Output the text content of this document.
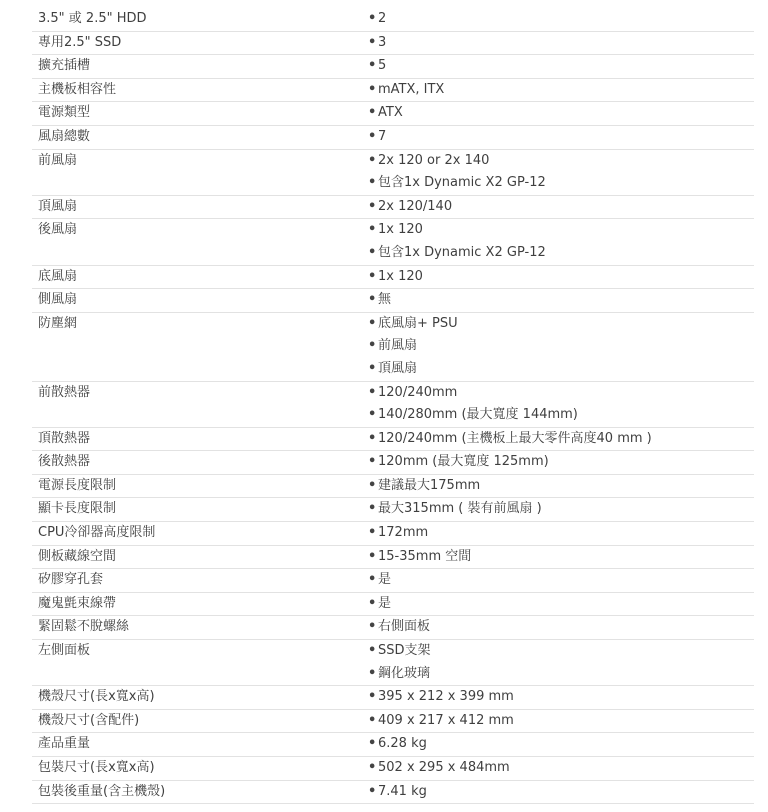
3.5" 或 2.5" HDD	• 2
專用2.5" SSD	• 3
擴充插槽	• 5
主機板相容性	• mATX, ITX
電源類型	• ATX
風扇總數	• 7
前風扇	• 2x 120 or 2x 140
• 包含1x Dynamic X2 GP-12
頂風扇	• 2x 120/140
後風扇	• 1x 120
• 包含1x Dynamic X2 GP-12
底風扇	• 1x 120
側風扇	• 無
防塵網	• 底風扇+ PSU
• 前風扇
• 頂風扇
前散熱器	• 120/240mm
• 140/280mm (最大寬度 144mm)
頂散熱器	• 120/240mm (主機板上最大零件高度40 mm )
後散熱器	• 120mm (最大寬度 125mm)
電源長度限制	• 建議最大175mm
顯卡長度限制	• 最大315mm ( 裝有前風扇 )
CPU冷卻器高度限制	• 172mm
側板藏線空間	• 15-35mm 空間
矽膠穿孔套	• 是
魔鬼氈束線帶	• 是
緊固鬆不脫螺絲	• 右側面板
左側面板	• SSD支架
• 鋼化玻璃
機殼尺寸(長x寬x高)	• 395 x 212 x 399 mm
機殼尺寸(含配件)	• 409 x 217 x 412 mm
產品重量	• 6.28 kg
包裝尺寸(長x寬x高)	• 502 x 295 x 484mm
包裝後重量(含主機殼)	• 7.41 kg
